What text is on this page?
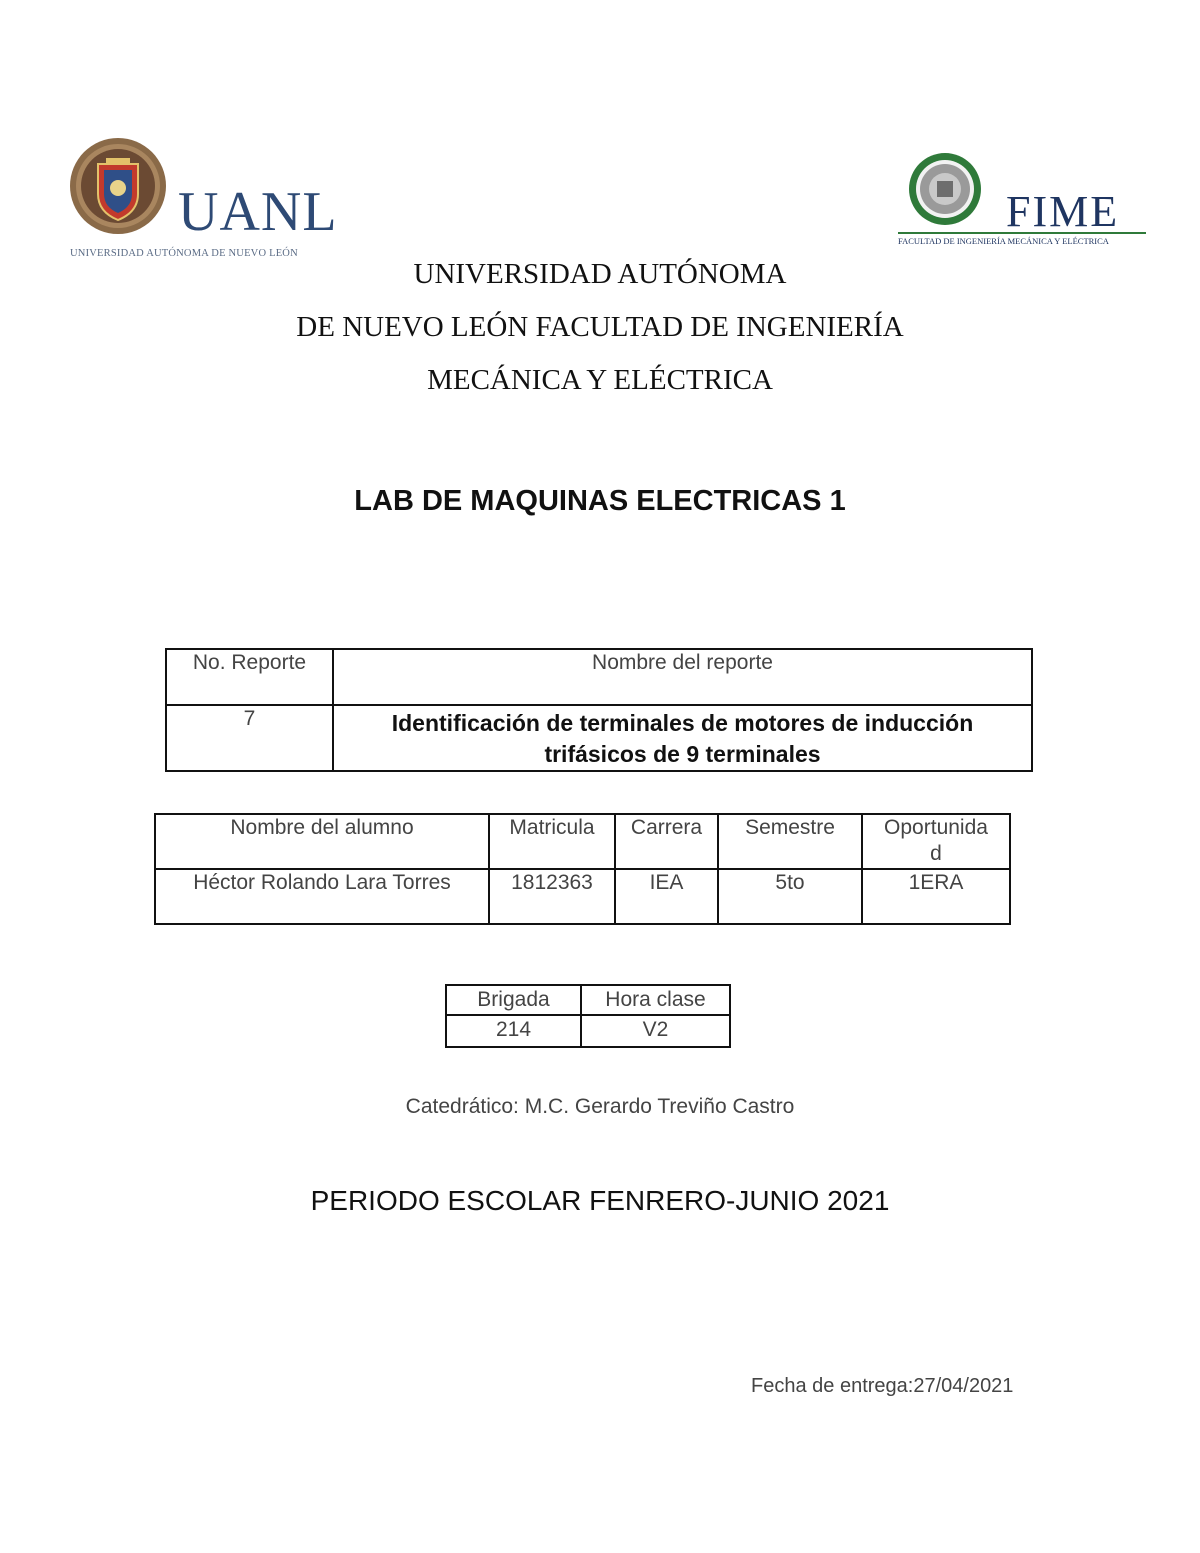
UANL
UNIVERSIDAD AUTÓNOMA DE NUEVO LEÓN
FIME
FACULTAD DE INGENIERÍA MECÁNICA Y ELÉCTRICA
UNIVERSIDAD AUTÓNOMA
DE NUEVO LEÓN FACULTAD DE INGENIERÍA
MECÁNICA Y ELÉCTRICA
LAB DE MAQUINAS ELECTRICAS 1
No. Reporte	Nombre del reporte
7	Identificación de terminales de motores de inducción
trifásicos de 9 terminales
Nombre del alumno	Matricula	Carrera	Semestre	Oportunida
d

Héctor Rolando Lara Torres	1812363	IEA	5to	1ERA
Brigada	Hora clase
214	V2
Catedrático: M.C. Gerardo Treviño Castro
PERIODO ESCOLAR FENRERO-JUNIO 2021
Fecha de entrega:27/04/2021
